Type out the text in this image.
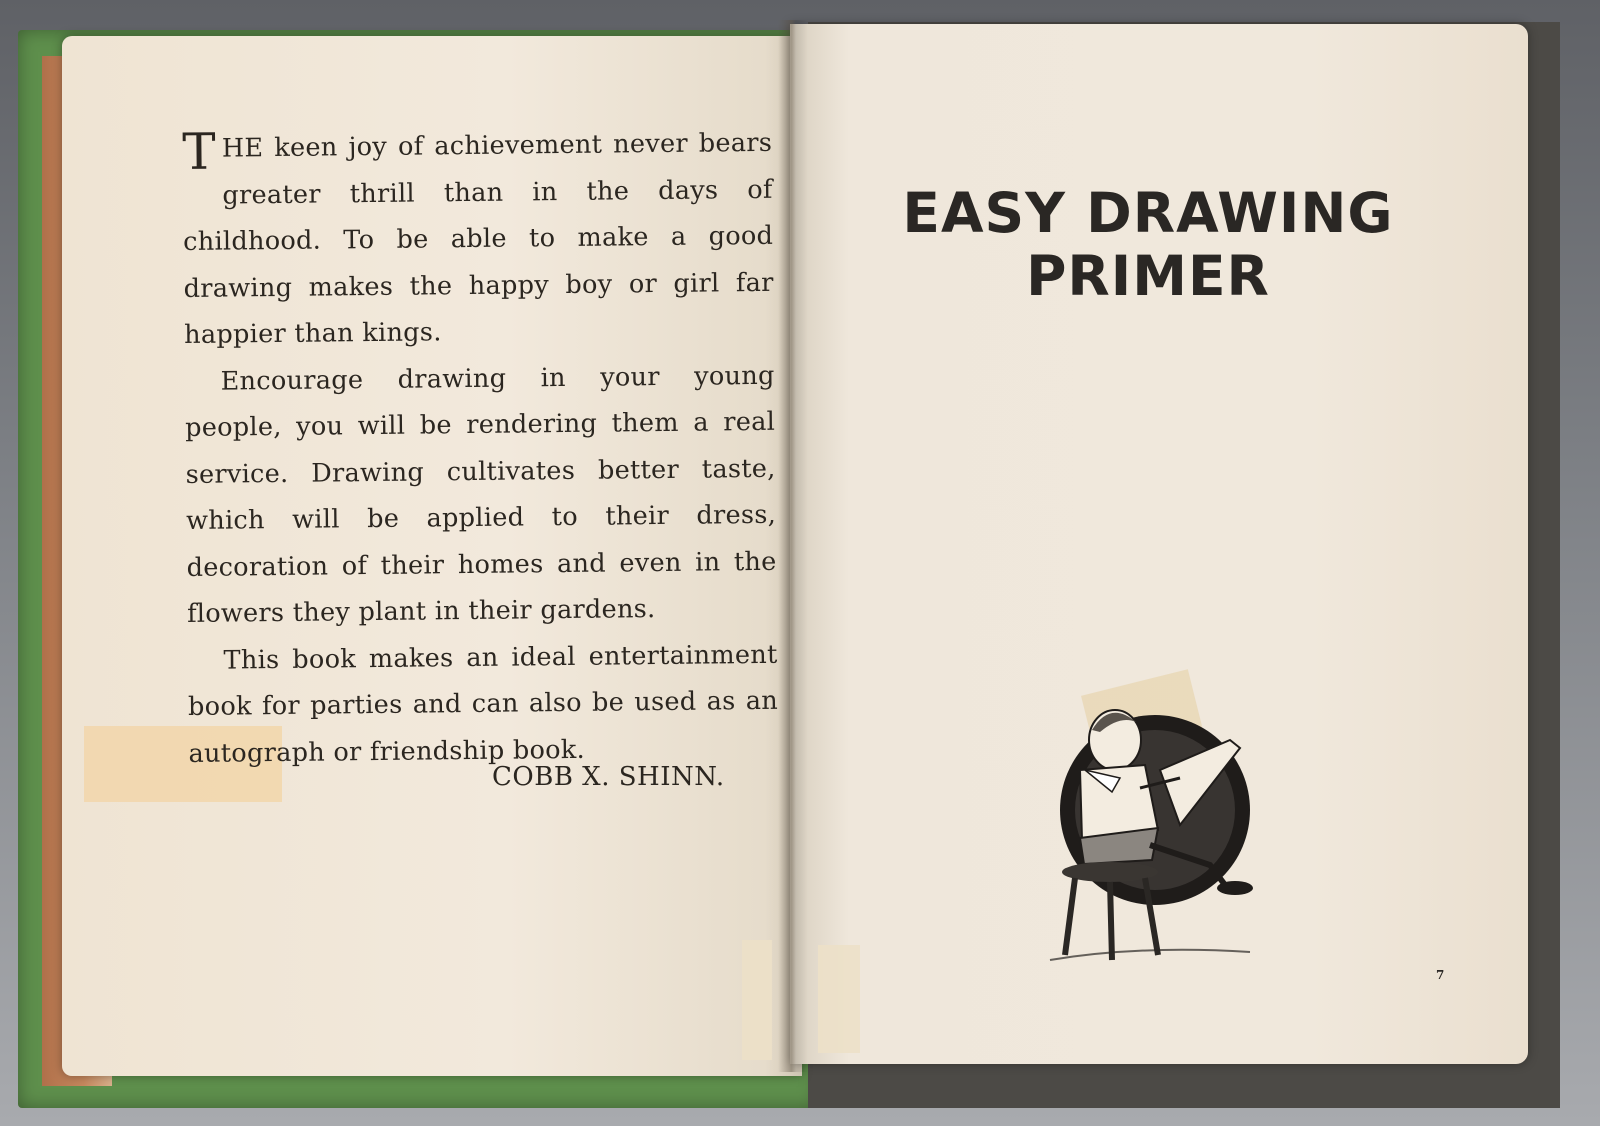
THE keen joy of achievement never bears greater thrill than in the days of childhood. To be able to make a good drawing makes the happy boy or girl far happier than kings.

Encourage drawing in your young people, you will be rendering them a real service. Drawing cultivates better taste, which will be applied to their dress, decoration of their homes and even in the flowers they plant in their gardens.

This book makes an ideal entertainment book for parties and can also be used as an autograph or friendship book.

COBB X. SHINN.
EASY DRAWING
PRIMER
7
